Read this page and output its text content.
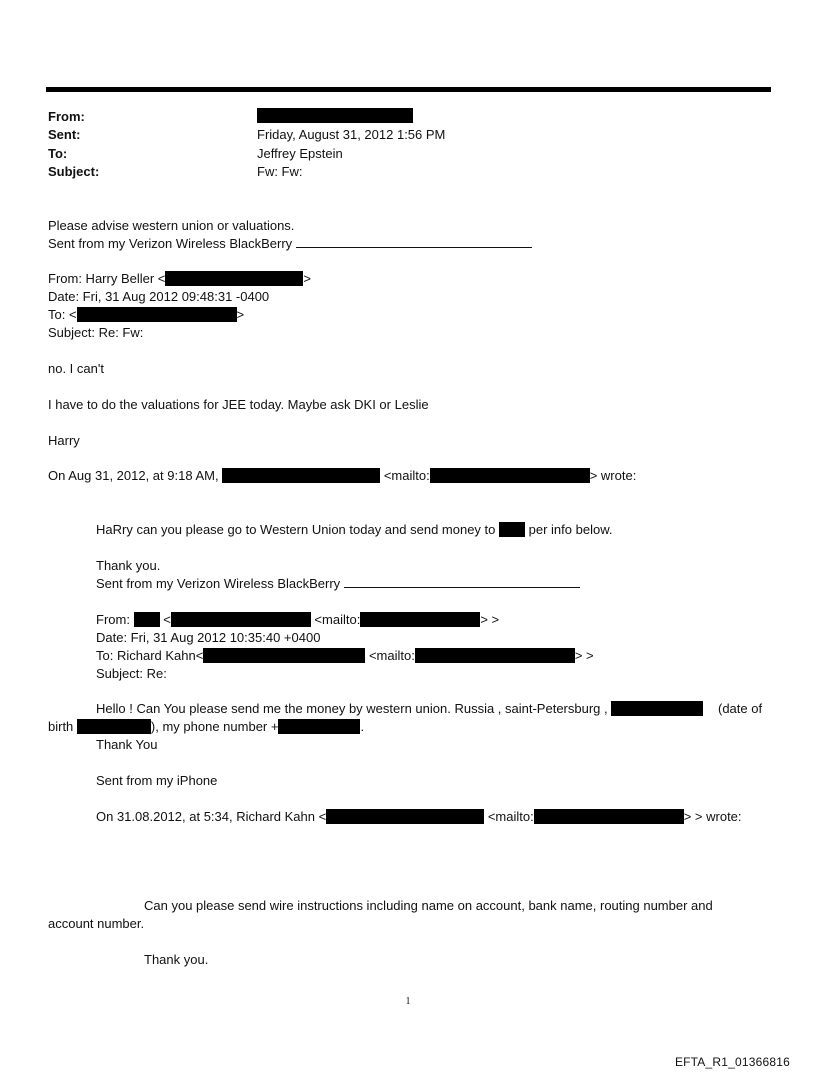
From:
Sent:	Friday, August 31, 2012 1:56 PM
To:	Jeffrey Epstein
Subject:	Fw: Fw:
Please advise western union or valuations.
Sent from my Verizon Wireless BlackBerry
From: Harry Beller <	>
Date: Fri, 31 Aug 2012 09:48:31 -0400
To: <	>
Subject: Re: Fw:
no. I can't
I have to do the valuations for JEE today. Maybe ask DKI or Leslie
Harry
On Aug 31, 2012, at 9:18 AM,	<mailto:	> wrote:
HaRry can you please go to Western Union today and send money to	per info below.
Thank you.
Sent from my Verizon Wireless BlackBerry
From:  <	<mailto:	> >
Date: Fri, 31 Aug 2012 10:35:40 +0400
To: Richard Kahn<	<mailto:	> >
Subject: Re:
Hello ! Can You please send me the money by western union. Russia , saint-Petersburg ,	(date of
birth	), my phone number +	.
Thank You
Sent from my iPhone
On 31.08.2012, at 5:34, Richard Kahn <	<mailto:	> > wrote:
Can you please send wire instructions including name on account, bank name, routing number and
account number.
Thank you.
1
EFTA_R1_01366816
